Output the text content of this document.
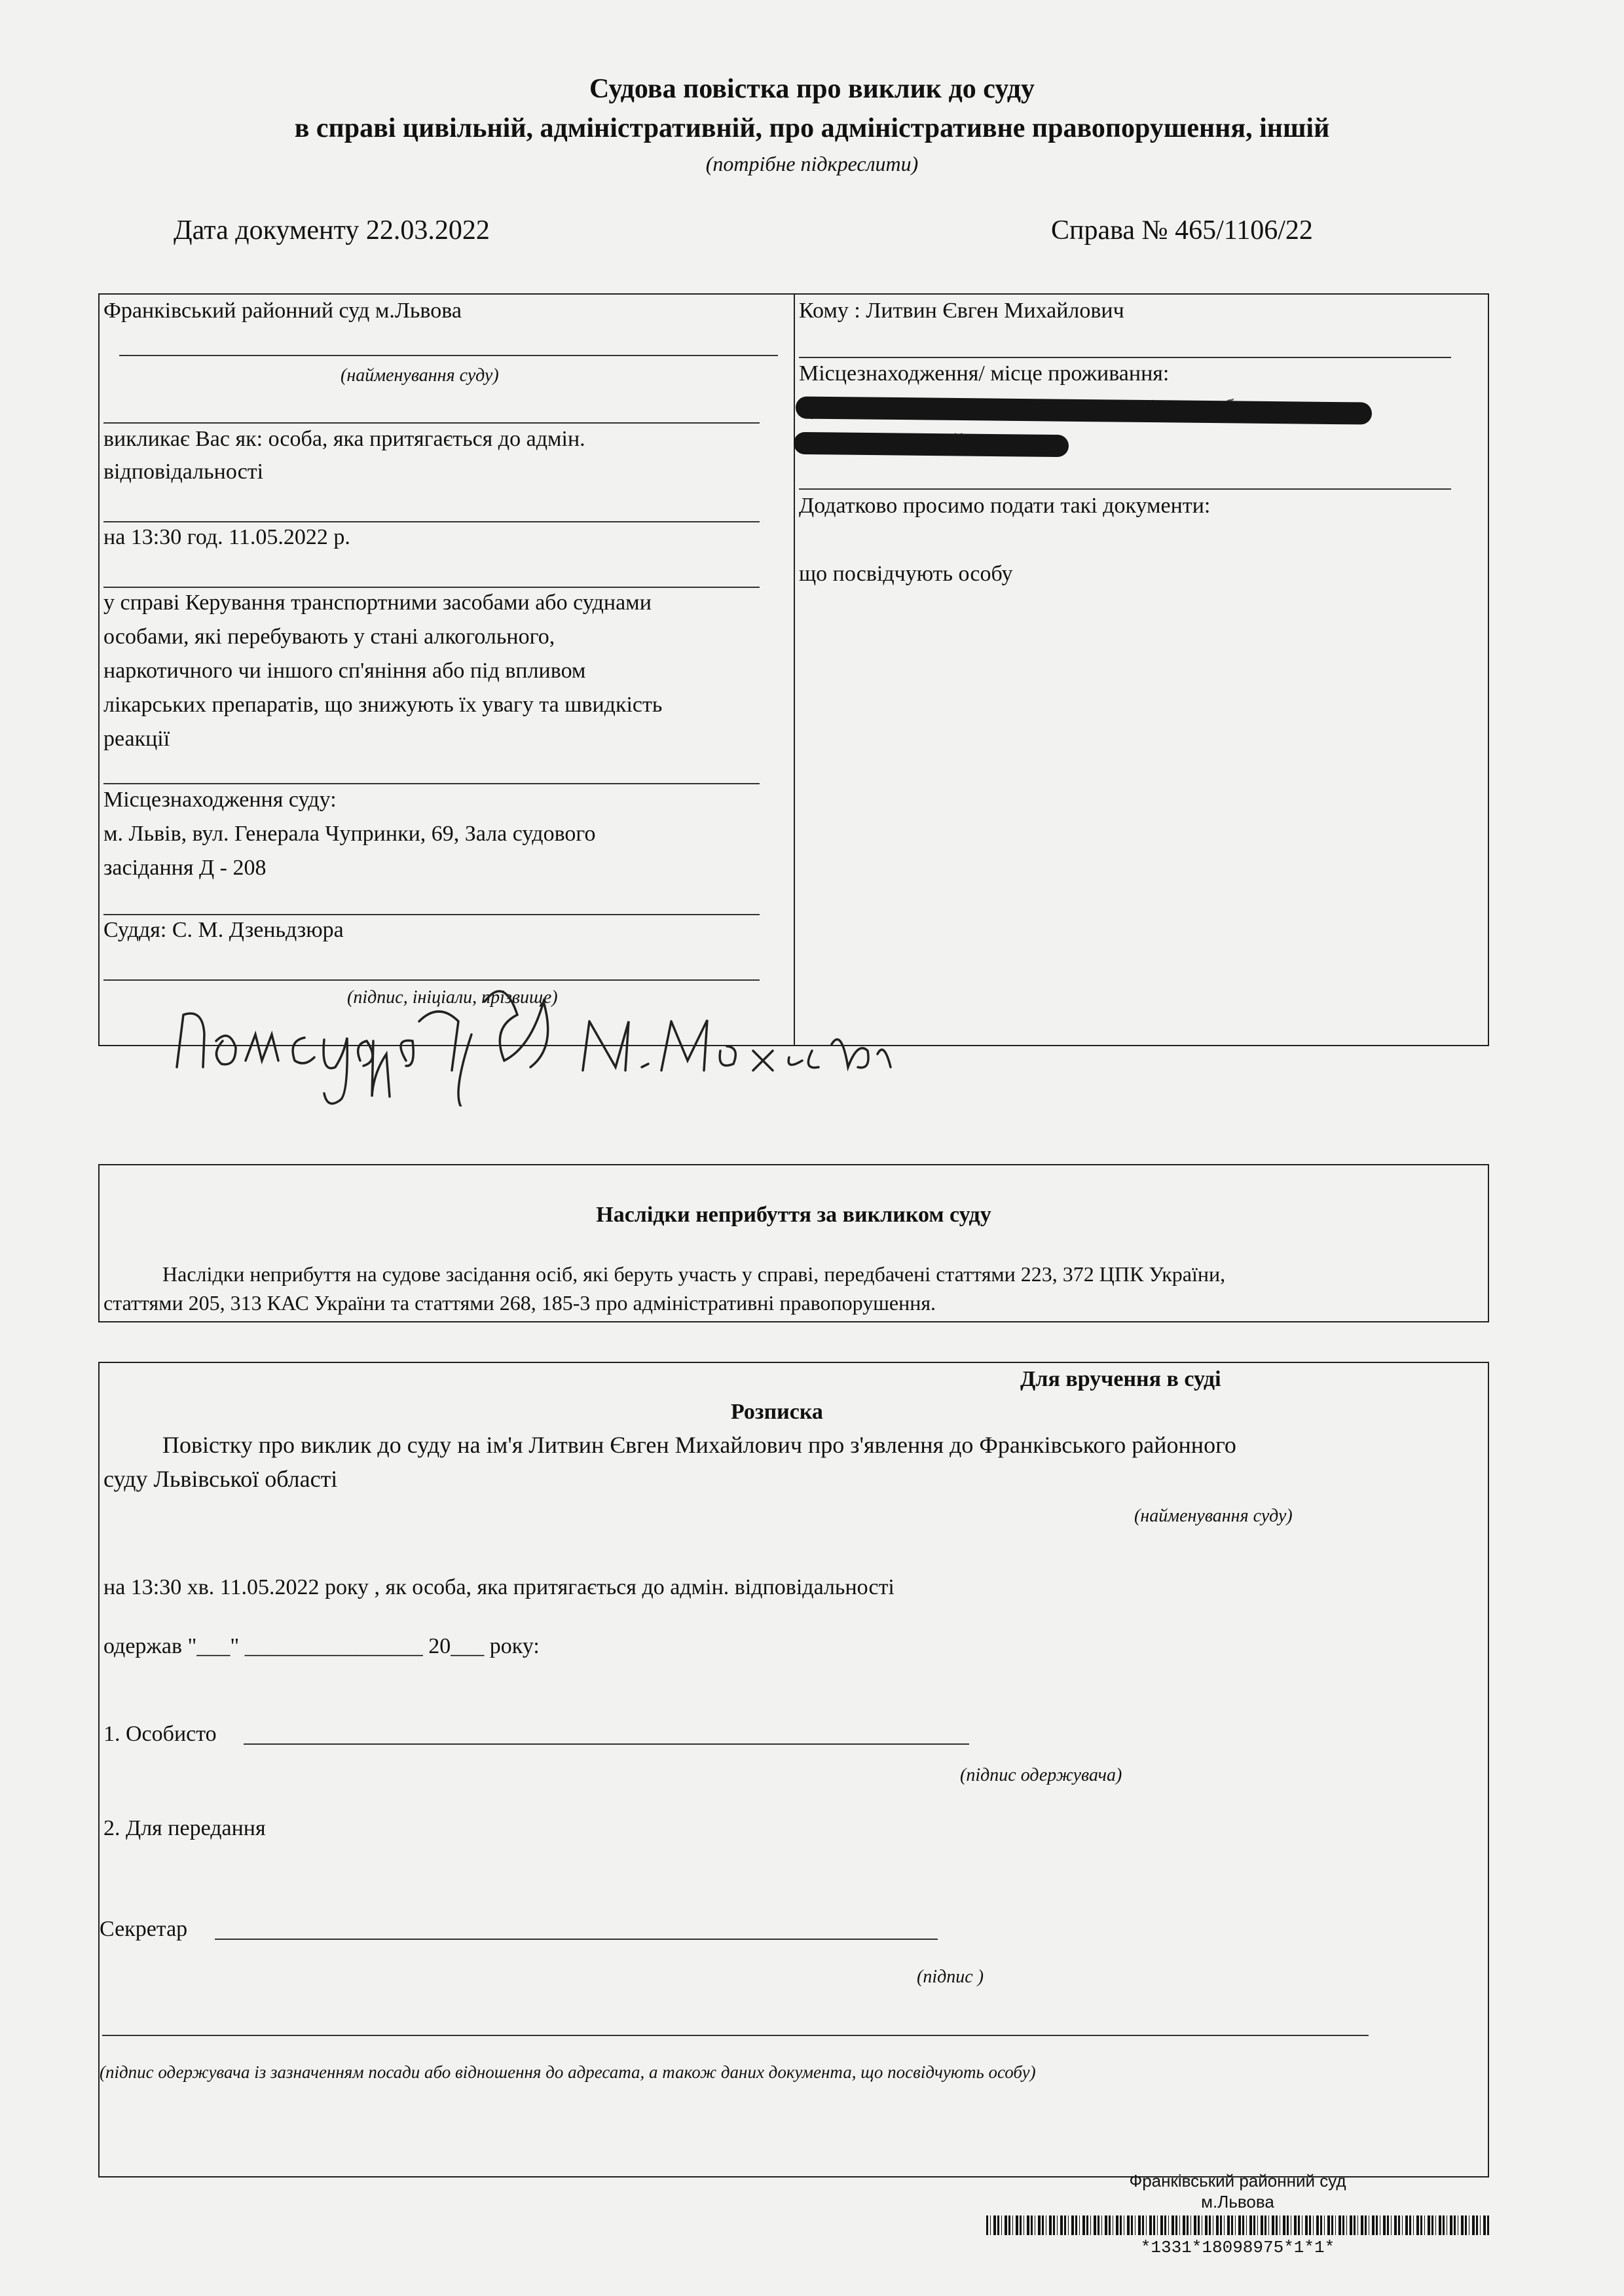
Судова повістка про виклик до суду
в справі цивільній, адміністративній, про адміністративне правопорушення, іншій
(потрібне підкреслити)
Дата документу 22.03.2022	Справа № 465/1106/22
Франківський районний суд м.Львова
(найменування суду)
викликає Вас як: особа, яка притягається до адмін.
відповідальності
на 13:30 год. 11.05.2022 р.
у справі Керування транспортними засобами або суднами
особами, які перебувають у стані алкогольного,
наркотичного чи іншого сп'яніння або під впливом
лікарських препаратів, що знижують їх увагу та швидкість
реакції
Місцезнаходження суду:
м. Львів, вул. Генерала Чупринки, 69, Зала судового
засідання Д - 208
Суддя: С. М. Дзеньдзюра
(підпис, ініціали, прізвище)
Кому : Литвин Євген Михайлович
Місцезнаходження/ місце проживання:
Додатково просимо подати такі документи:
що посвідчують особу
Наслідки неприбуття за викликом суду
Наслідки неприбуття на судове засідання осіб, які беруть участь у справі, передбачені статтями 223, 372 ЦПК України,
статтями 205, 313 КАС України та статтями 268, 185-3 про адміністративні правопорушення.
Для вручення в суді
Розписка
Повістку про виклик до суду на ім'я Литвин Євген Михайлович про з'явлення до Франківського районного
суду Львівської області
(найменування суду)
на 13:30 хв. 11.05.2022 року , як особа, яка притягається до адмін. відповідальності
одержав "___" ________________ 20___ року:
1. Особисто
(підпис одержувача)
2. Для передання
Секретар
(підпис )
(підпис одержувача із зазначенням посади або відношення до адресата, а також даних документа, що посвідчують особу)
Франківський районний суд
м.Львова
*1331*18098975*1*1*
